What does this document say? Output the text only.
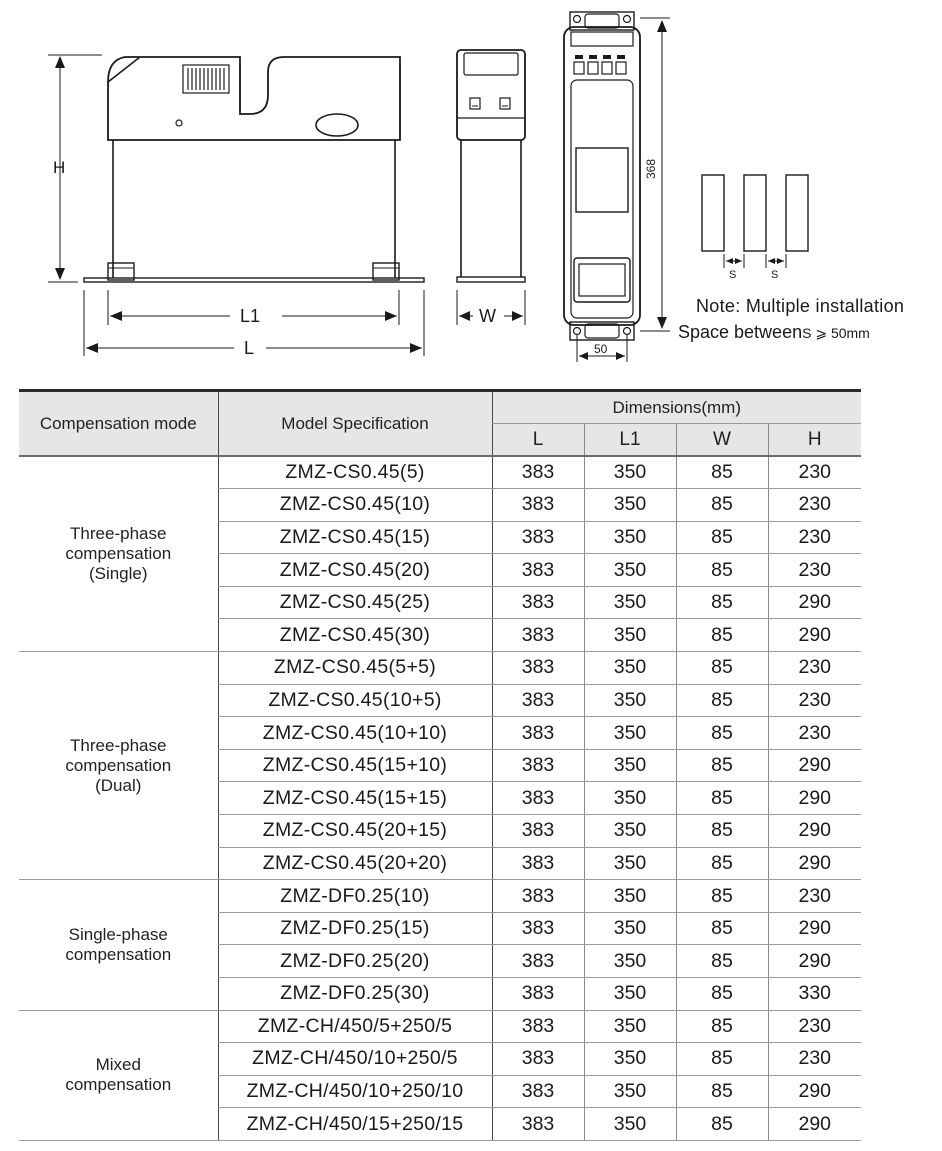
H
L1
L
W
368
50
S	S
Note: Multiple installation
Space betweenS ⩾ 50mm
Compensation mode	Model Specification	Dimensions(mm)			
		L	L1	W	H

Three-phase
compensation
(Single)	ZMZ-CS0.45(5)	383	350	85	230
	ZMZ-CS0.45(10)	383	350	85	230
	ZMZ-CS0.45(15)	383	350	85	230
	ZMZ-CS0.45(20)	383	350	85	230
	ZMZ-CS0.45(25)	383	350	85	290
	ZMZ-CS0.45(30)	383	350	85	290

Three-phase
compensation
(Dual)	ZMZ-CS0.45(5+5)	383	350	85	230
	ZMZ-CS0.45(10+5)	383	350	85	230
	ZMZ-CS0.45(10+10)	383	350	85	230
	ZMZ-CS0.45(15+10)	383	350	85	290
	ZMZ-CS0.45(15+15)	383	350	85	290
	ZMZ-CS0.45(20+15)	383	350	85	290
	ZMZ-CS0.45(20+20)	383	350	85	290

Single-phase
compensation	ZMZ-DF0.25(10)	383	350	85	230
	ZMZ-DF0.25(15)	383	350	85	290
	ZMZ-DF0.25(20)	383	350	85	290
	ZMZ-DF0.25(30)	383	350	85	330

Mixed
compensation	ZMZ-CH/450/5+250/5	383	350	85	230
	ZMZ-CH/450/10+250/5	383	350	85	230
	ZMZ-CH/450/10+250/10	383	350	85	290
	ZMZ-CH/450/15+250/15	383	350	85	290
